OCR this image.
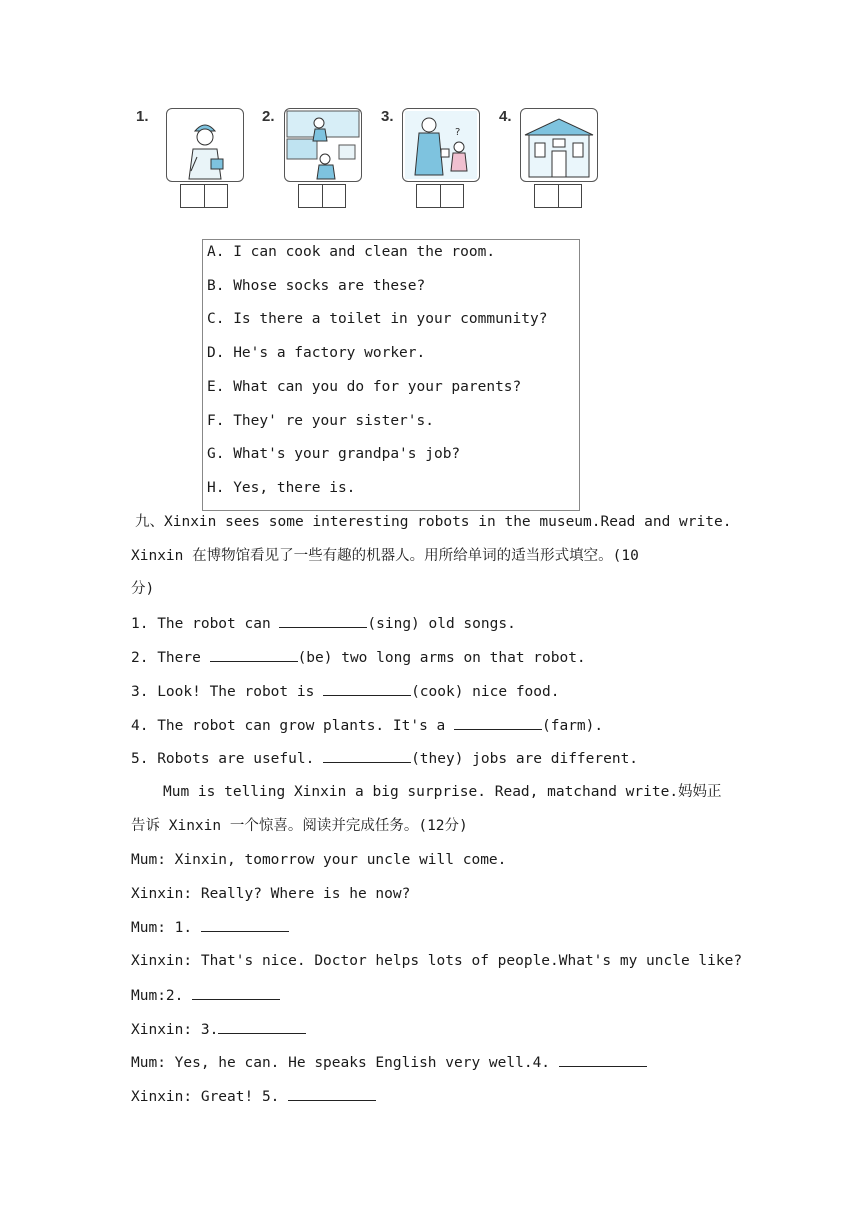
1.	2.	3.	4.
?
A. I can cook and clean the room.
B. Whose socks are these?
C. Is there a toilet in your community?
D. He's a factory worker.
E. What can you do for your parents?
F. They' re your sister's.
G. What's your grandpa's job?
H. Yes, there is.
九、Xinxin sees some interesting robots in the museum.Read and write.
Xinxin 在博物馆看见了一些有趣的机器人。用所给单词的适当形式填空。(10
分)
1. The robot can	(sing) old songs.
2. There	(be) two long arms on that robot.
3. Look! The robot is	(cook) nice food.
4. The robot can grow plants. It's a	(farm).
5. Robots are useful.	(they) jobs are different.
Mum is telling Xinxin a big surprise. Read, matchand write.妈妈正
告诉 Xinxin 一个惊喜。阅读并完成任务。(12分)
Mum: Xinxin, tomorrow your uncle will come.
Xinxin: Really? Where is he now?
Mum: 1.
Xinxin: That's nice. Doctor helps lots of people.What's my uncle like?
Mum:2.
Xinxin: 3.
Mum: Yes, he can. He speaks English very well.4.
Xinxin: Great! 5.
